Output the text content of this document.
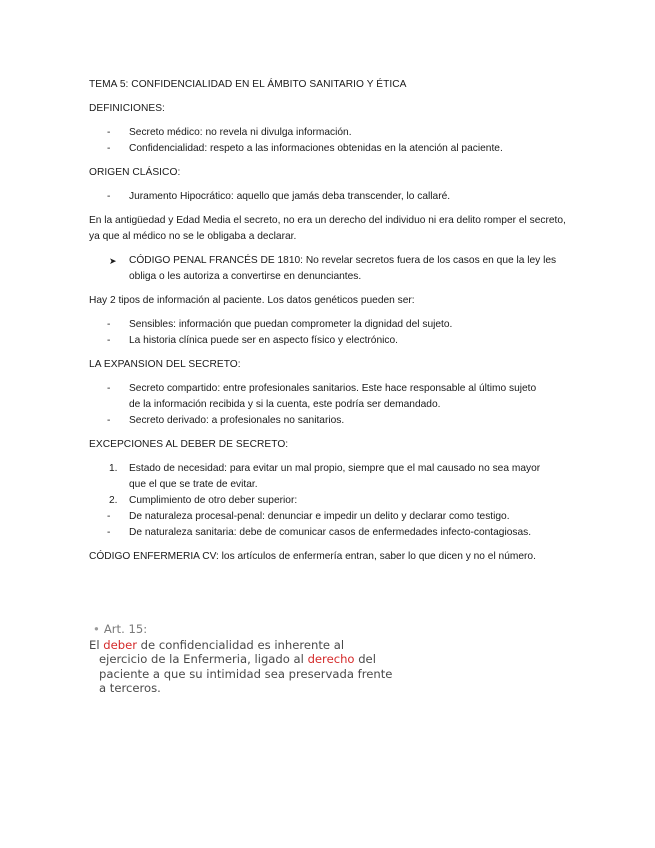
TEMA 5: CONFIDENCIALIDAD EN EL ÁMBITO SANITARIO Y ÉTICA

DEFINICIONES:

- Secreto médico: no revela ni divulga información.
- Confidencialidad: respeto a las informaciones obtenidas en la atención al paciente.

ORIGEN CLÁSICO:

- Juramento Hipocrático: aquello que jamás deba transcender, lo callaré.

En la antigüedad y Edad Media el secreto, no era un derecho del individuo ni era delito romper el secreto, ya que al médico no se le obligaba a declarar.

➤ CÓDIGO PENAL FRANCÉS DE 1810: No revelar secretos fuera de los casos en que la ley les
obliga o les autoriza a convertirse en denunciantes.

Hay 2 tipos de información al paciente. Los datos genéticos pueden ser:

- Sensibles: información que puedan comprometer la dignidad del sujeto.
- La historia clínica puede ser en aspecto físico y electrónico.

LA EXPANSION DEL SECRETO:

- Secreto compartido: entre profesionales sanitarios. Este hace responsable al último sujeto
de la información recibida y si la cuenta, este podría ser demandado.
- Secreto derivado: a profesionales no sanitarios.

EXCEPCIONES AL DEBER DE SECRETO:

1. Estado de necesidad: para evitar un mal propio, siempre que el mal causado no sea mayor
que el que se trate de evitar.
2. Cumplimiento de otro deber superior:
- De naturaleza procesal-penal: denunciar e impedir un delito y declarar como testigo.
- De naturaleza sanitaria: debe de comunicar casos de enfermedades infecto-contagiosas.

CÓDIGO ENFERMERIA CV: los artículos de enfermería entran, saber lo que dicen y no el número.

• Art. 15:
El deber de confidencialidad es inherente al
ejercicio de la Enfermeria, ligado al derecho del
paciente a que su intimidad sea preservada frente
a terceros.
